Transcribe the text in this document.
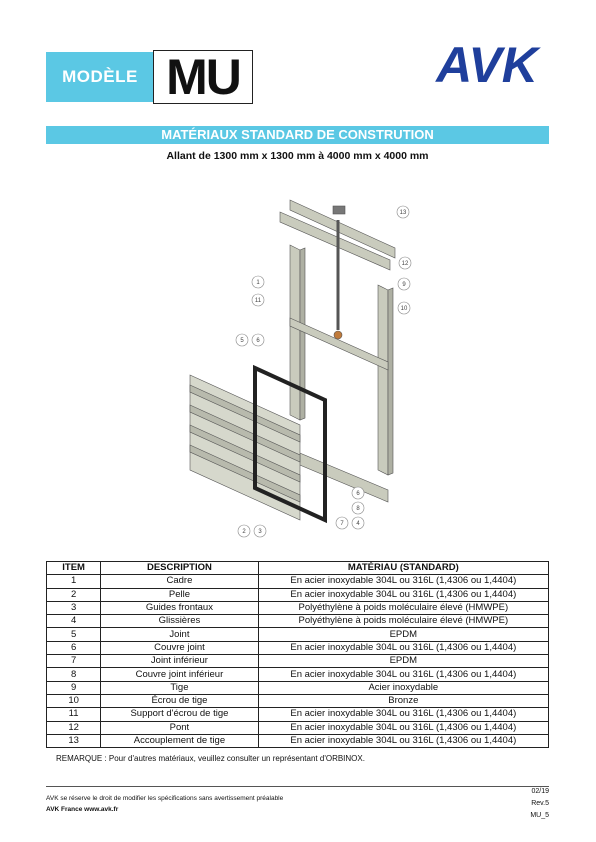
MODÈLE MU	AVK
MATÉRIAUX STANDARD DE CONSTRUTION
Allant de 1300 mm x 1300 mm à 4000 mm x 4000 mm
13
12
9
10
1
11
5 6
6
8
7 4
2 3
ITEM	DESCRIPTION	MATÉRIAU (STANDARD)
1	Cadre	En acier inoxydable 304L ou 316L (1,4306 ou 1,4404)
2	Pelle	En acier inoxydable 304L ou 316L (1,4306 ou 1,4404)
3	Guides frontaux	Polyéthylène à poids moléculaire élevé (HMWPE)
4	Glissières	Polyéthylène à poids moléculaire élevé (HMWPE)
5	Joint	EPDM
6	Couvre joint	En acier inoxydable 304L ou 316L (1,4306 ou 1,4404)
7	Joint inférieur	EPDM
8	Couvre joint inférieur	En acier inoxydable 304L ou 316L (1,4306 ou 1,4404)
9	Tige	Acier inoxydable
10	Écrou de tige	Bronze
11	Support d'écrou de tige	En acier inoxydable 304L ou 316L (1,4306 ou 1,4404)
12	Pont	En acier inoxydable 304L ou 316L (1,4306 ou 1,4404)
13	Accouplement de tige	En acier inoxydable 304L ou 316L (1,4306 ou 1,4404)
REMARQUE : Pour d'autres matériaux, veuillez consulter un représentant d'ORBINOX.
AVK se réserve le droit de modifier les spécifications sans avertissement préalable
AVK France www.avk.fr
02/19
Rev.5
MU_5
